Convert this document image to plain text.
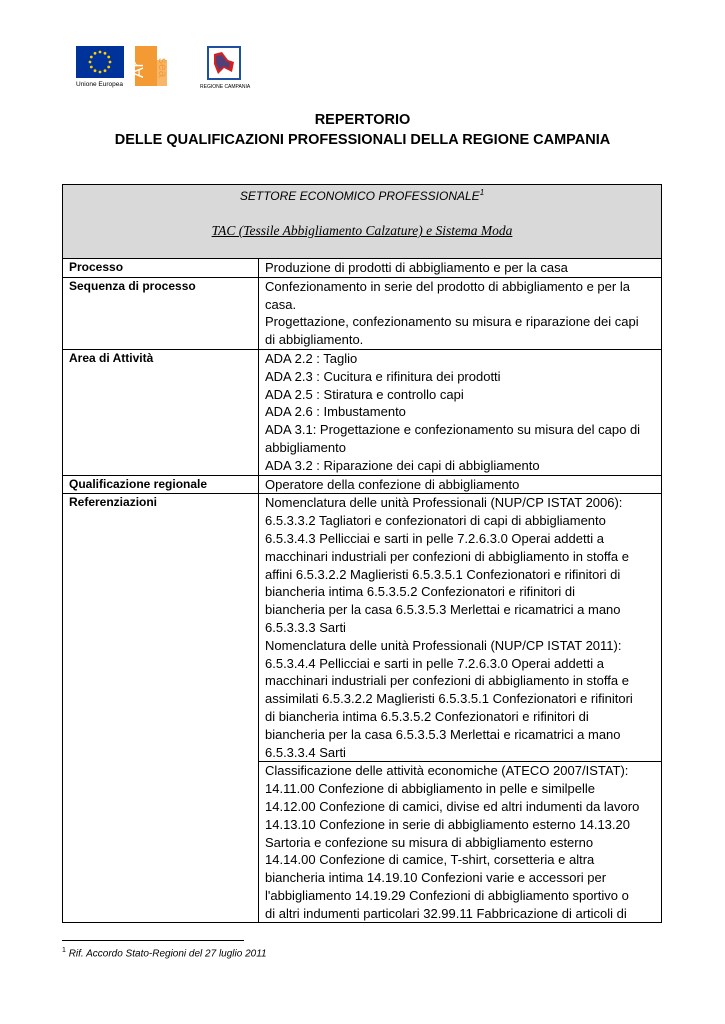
Unione Europea
Ar sea
REGIONE CAMPANIA
REPERTORIO
DELLE QUALIFICAZIONI PROFESSIONALI DELLA REGIONE CAMPANIA
SETTORE ECONOMICO PROFESSIONALE$^1$
TAC (Tessile Abbigliamento Calzature) e Sistema Moda
Processo	Produzione di prodotti di abbigliamento e per la casa
Sequenza di processo	Confezionamento in serie del prodotto di abbigliamento e per la
casa.
Progettazione, confezionamento su misura e riparazione dei capi
di abbigliamento.
Area di Attività	ADA 2.2 : Taglio
ADA 2.3 : Cucitura e rifinitura dei prodotti
ADA 2.5 : Stiratura e controllo capi
ADA 2.6 : Imbustamento
ADA 3.1: Progettazione e confezionamento su misura del capo di
abbigliamento
ADA 3.2 : Riparazione dei capi di abbigliamento
Qualificazione regionale	Operatore della confezione di abbigliamento
Referenziazioni	Nomenclatura delle unità Professionali (NUP/CP ISTAT 2006):
6.5.3.3.2 Tagliatori e confezionatori di capi di abbigliamento
6.5.3.4.3 Pellicciai e sarti in pelle 7.2.6.3.0 Operai addetti a
macchinari industriali per confezioni di abbigliamento in stoffa e
affini 6.5.3.2.2 Maglieristi 6.5.3.5.1 Confezionatori e rifinitori di
biancheria intima 6.5.3.5.2 Confezionatori e rifinitori di
biancheria per la casa 6.5.3.5.3 Merlettai e ricamatrici a mano
6.5.3.3.3 Sarti
Nomenclatura delle unità Professionali (NUP/CP ISTAT 2011):
6.5.3.4.4 Pellicciai e sarti in pelle 7.2.6.3.0 Operai addetti a
macchinari industriali per confezioni di abbigliamento in stoffa e
assimilati 6.5.3.2.2 Maglieristi 6.5.3.5.1 Confezionatori e rifinitori
di biancheria intima 6.5.3.5.2 Confezionatori e rifinitori di
biancheria per la casa 6.5.3.5.3 Merlettai e ricamatrici a mano
6.5.3.3.4 Sarti
Classificazione delle attività economiche (ATECO 2007/ISTAT):
14.11.00 Confezione di abbigliamento in pelle e similpelle
14.12.00 Confezione di camici, divise ed altri indumenti da lavoro
14.13.10 Confezione in serie di abbigliamento esterno 14.13.20
Sartoria e confezione su misura di abbigliamento esterno
14.14.00 Confezione di camice, T-shirt, corsetteria e altra
biancheria intima 14.19.10 Confezioni varie e accessori per
l'abbigliamento 14.19.29 Confezioni di abbigliamento sportivo o
di altri indumenti particolari 32.99.11 Fabbricazione di articoli di
$^1$ Rif. Accordo Stato-Regioni del 27 luglio 2011
